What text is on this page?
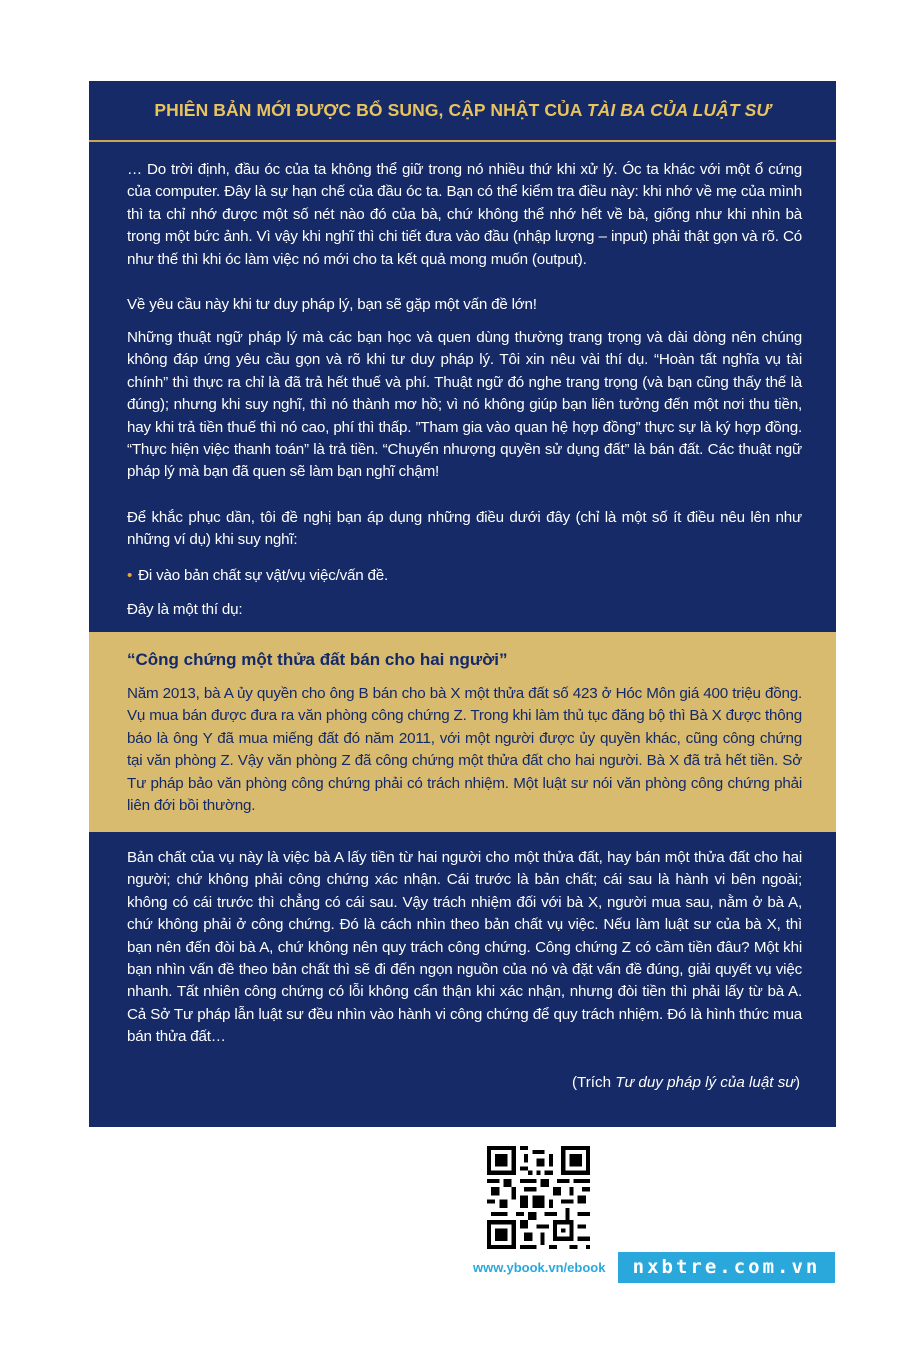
PHIÊN BẢN MỚI ĐƯỢC BỔ SUNG, CẬP NHẬT CỦA TÀI BA CỦA LUẬT SƯ
… Do trời định, đầu óc của ta không thể giữ trong nó nhiều thứ khi xử lý. Óc ta khác với một ổ cứng của computer. Đây là sự hạn chế của đầu óc ta. Bạn có thể kiểm tra điều này: khi nhớ về mẹ của mình thì ta chỉ nhớ được một số nét nào đó của bà, chứ không thể nhớ hết về bà, giống như khi nhìn bà trong một bức ảnh. Vì vậy khi nghĩ thì chi tiết đưa vào đầu (nhập lượng – input) phải thật gọn và rõ. Có như thế thì khi óc làm việc nó mới cho ta kết quả mong muốn (output).
Về yêu cầu này khi tư duy pháp lý, bạn sẽ gặp một vấn đề lớn!
Những thuật ngữ pháp lý mà các bạn học và quen dùng thường trang trọng và dài dòng nên chúng không đáp ứng yêu cầu gọn và rõ khi tư duy pháp lý. Tôi xin nêu vài thí dụ. “Hoàn tất nghĩa vụ tài chính” thì thực ra chỉ là đã trả hết thuế và phí. Thuật ngữ đó nghe trang trọng (và bạn cũng thấy thế là đúng); nhưng khi suy nghĩ, thì nó thành mơ hồ; vì nó không giúp bạn liên tưởng đến một nơi thu tiền, hay khi trả tiền thuế thì nó cao, phí thì thấp. ”Tham gia vào quan hệ hợp đồng” thực sự là ký hợp đồng. “Thực hiện việc thanh toán” là trả tiền. “Chuyển nhượng quyền sử dụng đất” là bán đất. Các thuật ngữ pháp lý mà bạn đã quen sẽ làm bạn nghĩ chậm!
Để khắc phục dần, tôi đề nghị bạn áp dụng những điều dưới đây (chỉ là một số ít điều nêu lên như những ví dụ) khi suy nghĩ:
• Đi vào bản chất sự vật/vụ việc/vấn đề.
Đây là một thí dụ:
Bản chất của vụ này là việc bà A lấy tiền từ hai người cho một thửa đất, hay bán một thửa đất cho hai người; chứ không phải công chứng xác nhận. Cái trước là bản chất; cái sau là hành vi bên ngoài; không có cái trước thì chẳng có cái sau. Vậy trách nhiệm đối với bà X, người mua sau, nằm ở bà A, chứ không phải ở công chứng. Đó là cách nhìn theo bản chất vụ việc. Nếu làm luật sư của bà X, thì bạn nên đến đòi bà A, chứ không nên quy trách công chứng. Công chứng Z có cầm tiền đâu? Một khi bạn nhìn vấn đề theo bản chất thì sẽ đi đến ngọn nguồn của nó và đặt vấn đề đúng, giải quyết vụ việc nhanh. Tất nhiên công chứng có lỗi không cẩn thận khi xác nhận, nhưng đòi tiền thì phải lấy từ bà A. Cả Sở Tư pháp lẫn luật sư đều nhìn vào hành vi công chứng để quy trách nhiệm. Đó là hình thức mua bán thửa đất…
(Trích Tư duy pháp lý của luật sư)
“Công chứng một thửa đất bán cho hai người”
Năm 2013, bà A ủy quyền cho ông B bán cho bà X một thửa đất số 423 ở Hóc Môn giá 400 triệu đồng. Vụ mua bán được đưa ra văn phòng công chứng Z. Trong khi làm thủ tục đăng bộ thì Bà X được thông báo là ông Y đã mua miếng đất đó năm 2011, với một người được ủy quyền khác, cũng công chứng tại văn phòng Z. Vậy văn phòng Z đã công chứng một thửa đất cho hai người. Bà X đã trả hết tiền. Sở Tư pháp bảo văn phòng công chứng phải có trách nhiệm. Một luật sư nói văn phòng công chứng phải liên đới bồi thường.
www.ybook.vn/ebook	nxbtre.com.vn
